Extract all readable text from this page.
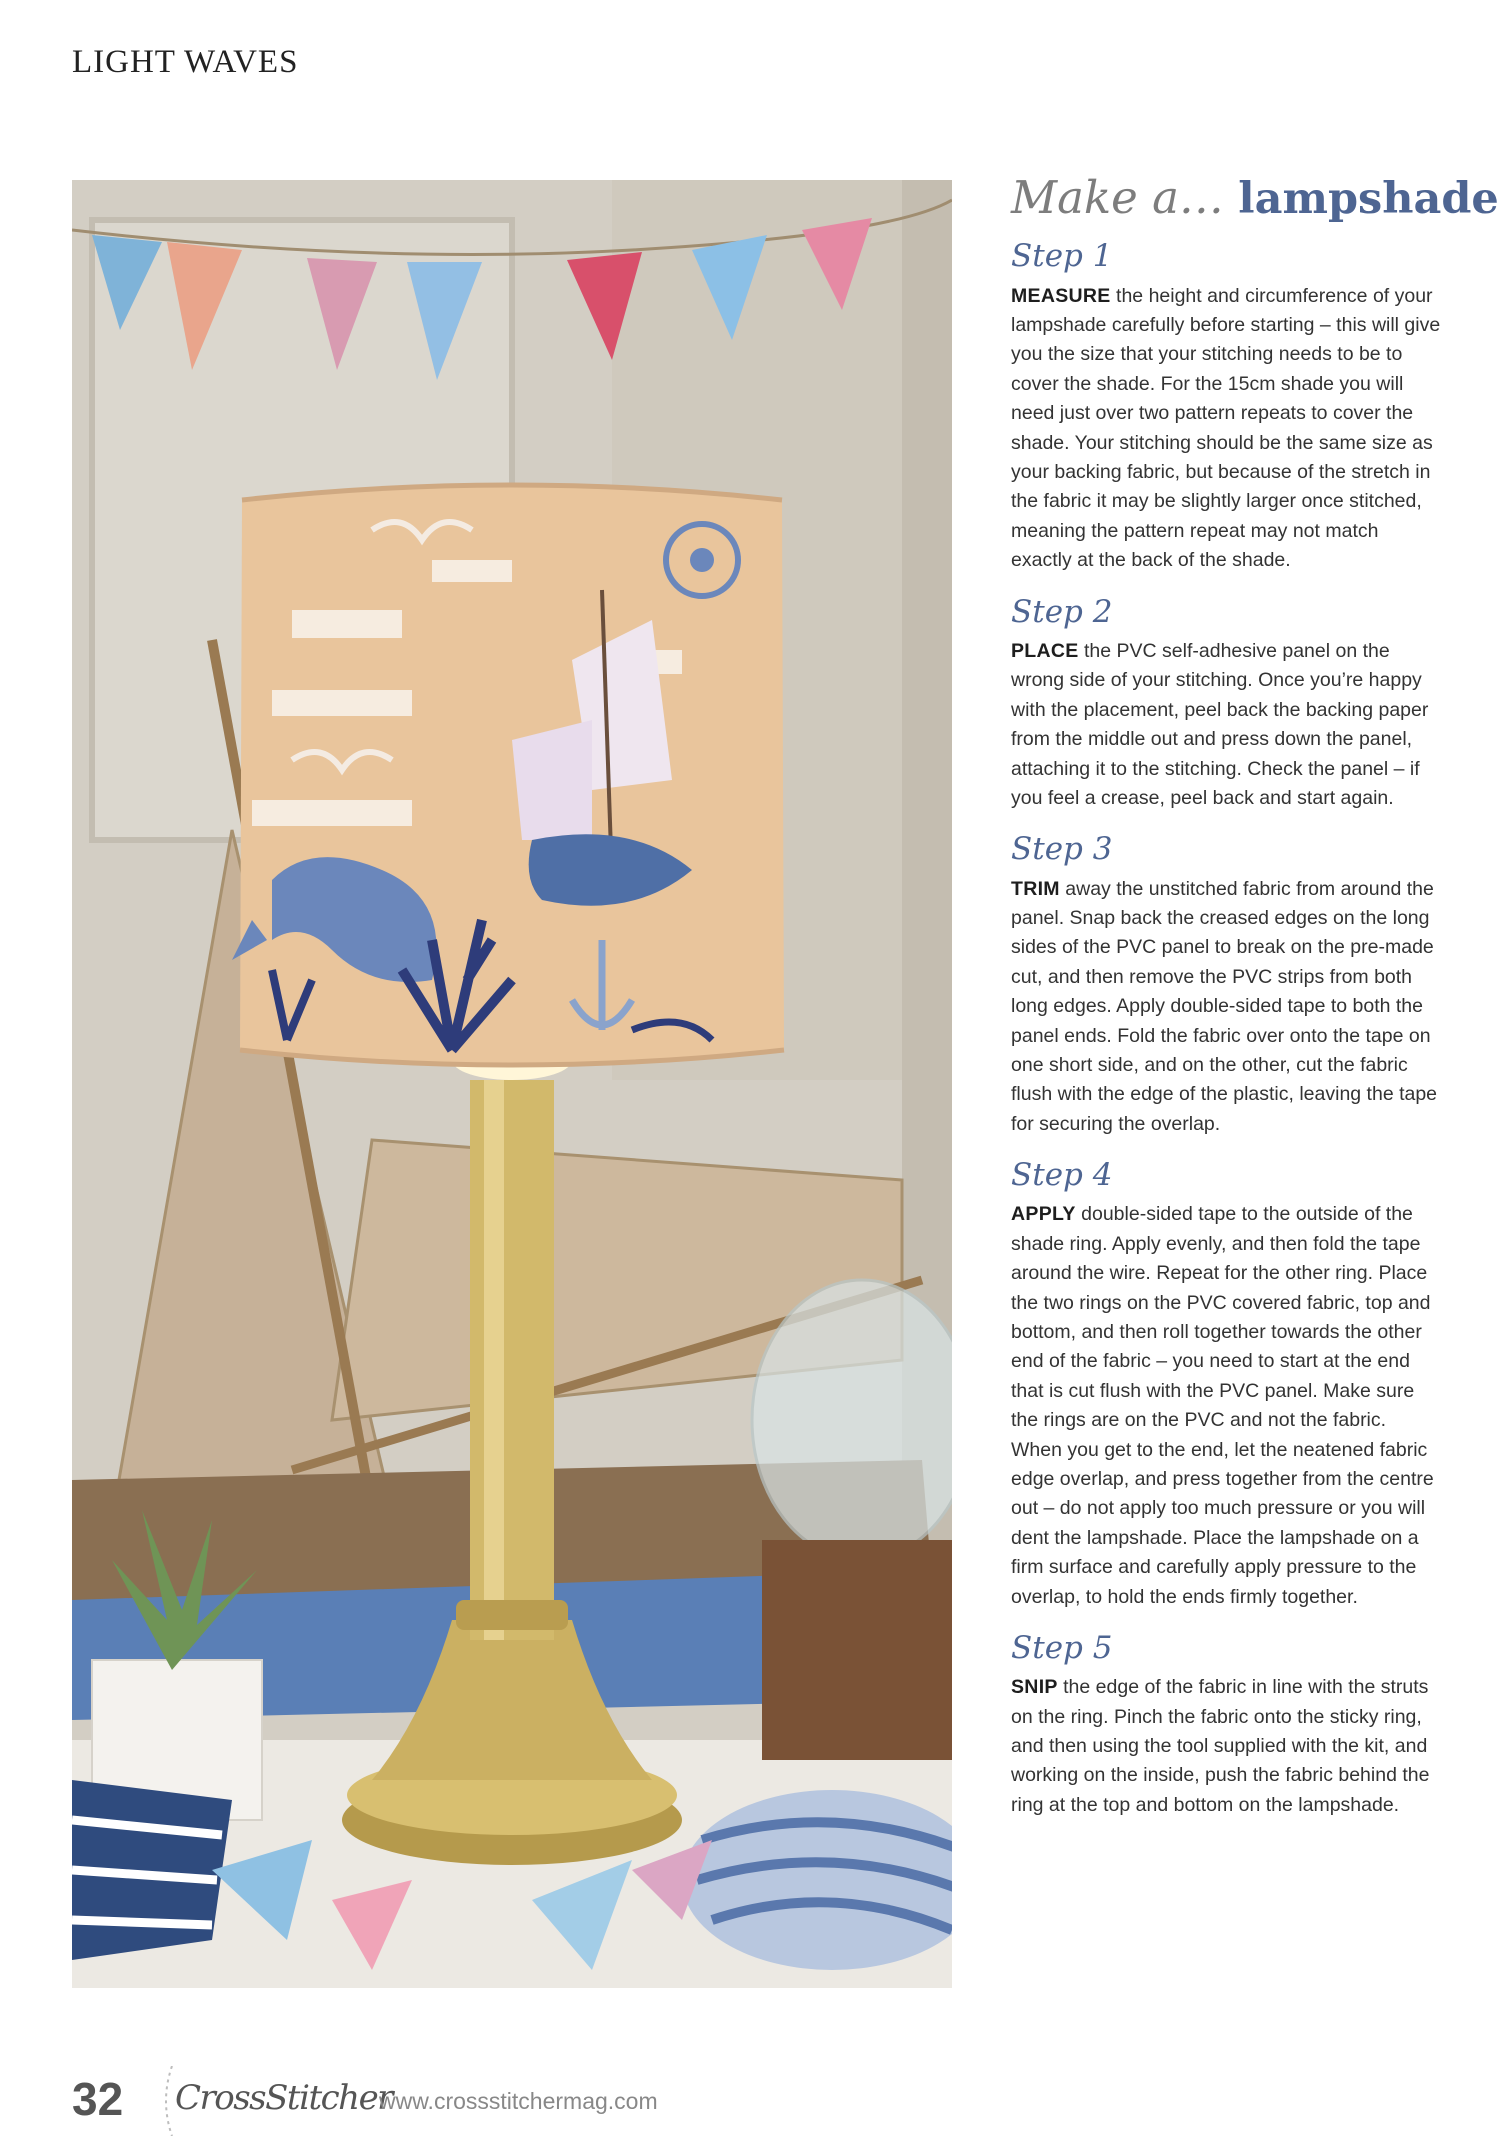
LIGHT WAVES
Make a… lampshade
Step 1

MEASURE the height and circumference of your lampshade carefully before starting – this will give you the size that your stitching needs to be to cover the shade. For the 15cm shade you will need just over two pattern repeats to cover the shade. Your stitching should be the same size as your backing fabric, but because of the stretch in the fabric it may be slightly larger once stitched, meaning the pattern repeat may not match exactly at the back of the shade.

Step 2

PLACE the PVC self-adhesive panel on the wrong side of your stitching. Once you’re happy with the placement, peel back the backing paper from the middle out and press down the panel, attaching it to the stitching. Check the panel – if you feel a crease, peel back and start again.

Step 3

TRIM away the unstitched fabric from around the panel. Snap back the creased edges on the long sides of the PVC panel to break on the pre-made cut, and then remove the PVC strips from both long edges. Apply double-sided tape to both the panel ends. Fold the fabric over onto the tape on one short side, and on the other, cut the fabric flush with the edge of the plastic, leaving the tape for securing the overlap.

Step 4

APPLY double-sided tape to the outside of the shade ring. Apply evenly, and then fold the tape around the wire. Repeat for the other ring. Place the two rings on the PVC covered fabric, top and bottom, and then roll together towards the other end of the fabric – you need to start at the end that is cut flush with the PVC panel. Make sure the rings are on the PVC and not the fabric. When you get to the end, let the neatened fabric edge overlap, and press together from the centre out – do not apply too much pressure or you will dent the lampshade. Place the lampshade on a firm surface and carefully apply pressure to the overlap, to hold the ends firmly together.

Step 5

SNIP the edge of the fabric in line with the struts on the ring. Pinch the fabric onto the sticky ring, and then using the tool supplied with the kit, and working on the inside, push the fabric behind the ring at the top and bottom on the lampshade.

32 CrossStitcher
www.crossstitchermag.com
